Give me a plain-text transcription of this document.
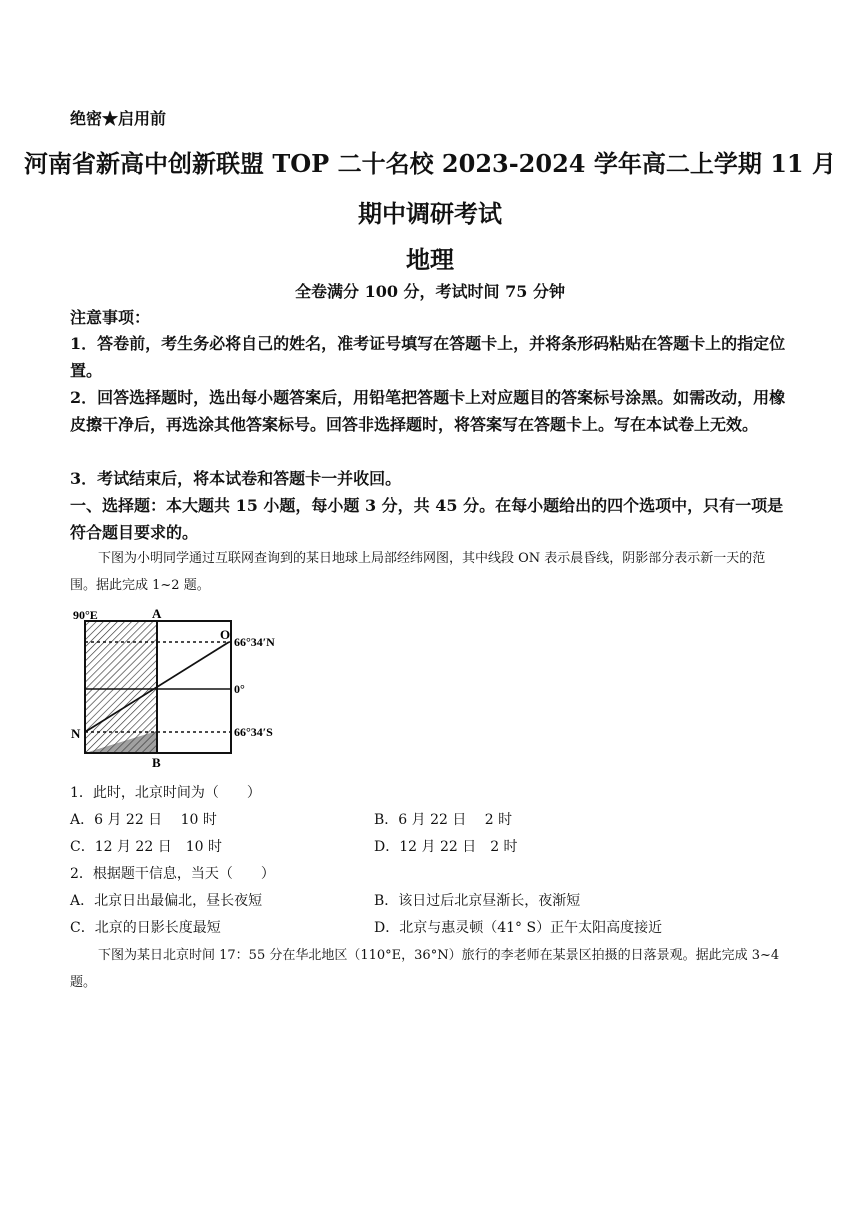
绝密★启用前
河南省新高中创新联盟 TOP 二十名校 2023-2024 学年高二上学期 11 月
期中调研考试
地理
全卷满分 100 分，考试时间 75 分钟
注意事项：
1．答卷前，考生务必将自己的姓名，准考证号填写在答题卡上，并将条形码粘贴在答题卡上的指定位置。
2．回答选择题时，选出每小题答案后，用铅笔把答题卡上对应题目的答案标号涂黑。如需改动，用橡皮擦干净后，再选涂其他答案标号。回答非选择题时，将答案写在答题卡上。写在本试卷上无效。
3．考试结束后，将本试卷和答题卡一并收回。
一、选择题：本大题共 15 小题，每小题 3 分，共 45 分。在每小题给出的四个选项中，只有一项是符合题目要求的。
下图为小明同学通过互联网查询到的某日地球上局部经纬网图，其中线段 ON 表示晨昏线，阴影部分表示新一天的范围。据此完成 1~2 题。
90°E	A
B
O
N
66°34′N
0°
66°34′S
1．此时，北京时间为（　　）
A．6 月 22 日　 10 时	B．6 月 22 日　 2 时
C．12 月 22 日　10 时	D．12 月 22 日　2 时
2．根据题干信息，当天（　　）
A．北京日出最偏北，昼长夜短	B．该日过后北京昼渐长，夜渐短
C．北京的日影长度最短	D．北京与惠灵顿（41° S）正午太阳高度接近
下图为某日北京时间 17：55 分在华北地区（110°E，36°N）旅行的李老师在某景区拍摄的日落景观。据此完成 3~4 题。
